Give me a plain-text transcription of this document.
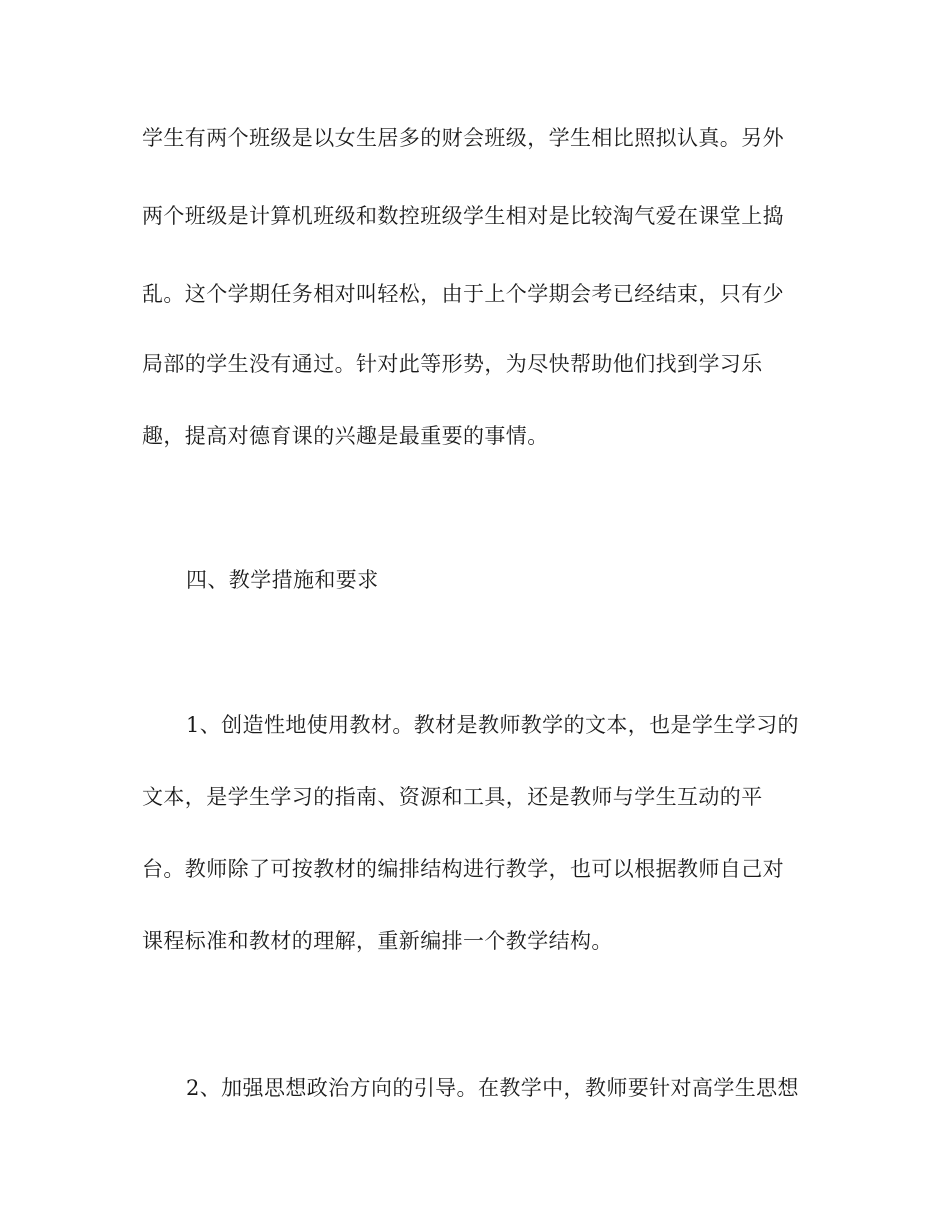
学生有两个班级是以女生居多的财会班级，学生相比照拟认真。另外

两个班级是计算机班级和数控班级学生相对是比较淘气爱在课堂上捣

乱。这个学期任务相对叫轻松，由于上个学期会考已经结束，只有少

局部的学生没有通过。针对此等形势，为尽快帮助他们找到学习乐

趣，提高对德育课的兴趣是最重要的事情。

四、教学措施和要求

1、创造性地使用教材。教材是教师教学的文本，也是学生学习的

文本，是学生学习的指南、资源和工具，还是教师与学生互动的平

台。教师除了可按教材的编排结构进行教学，也可以根据教师自己对

课程标准和教材的理解，重新编排一个教学结构。

2、加强思想政治方向的引导。在教学中，教师要针对高学生思想
